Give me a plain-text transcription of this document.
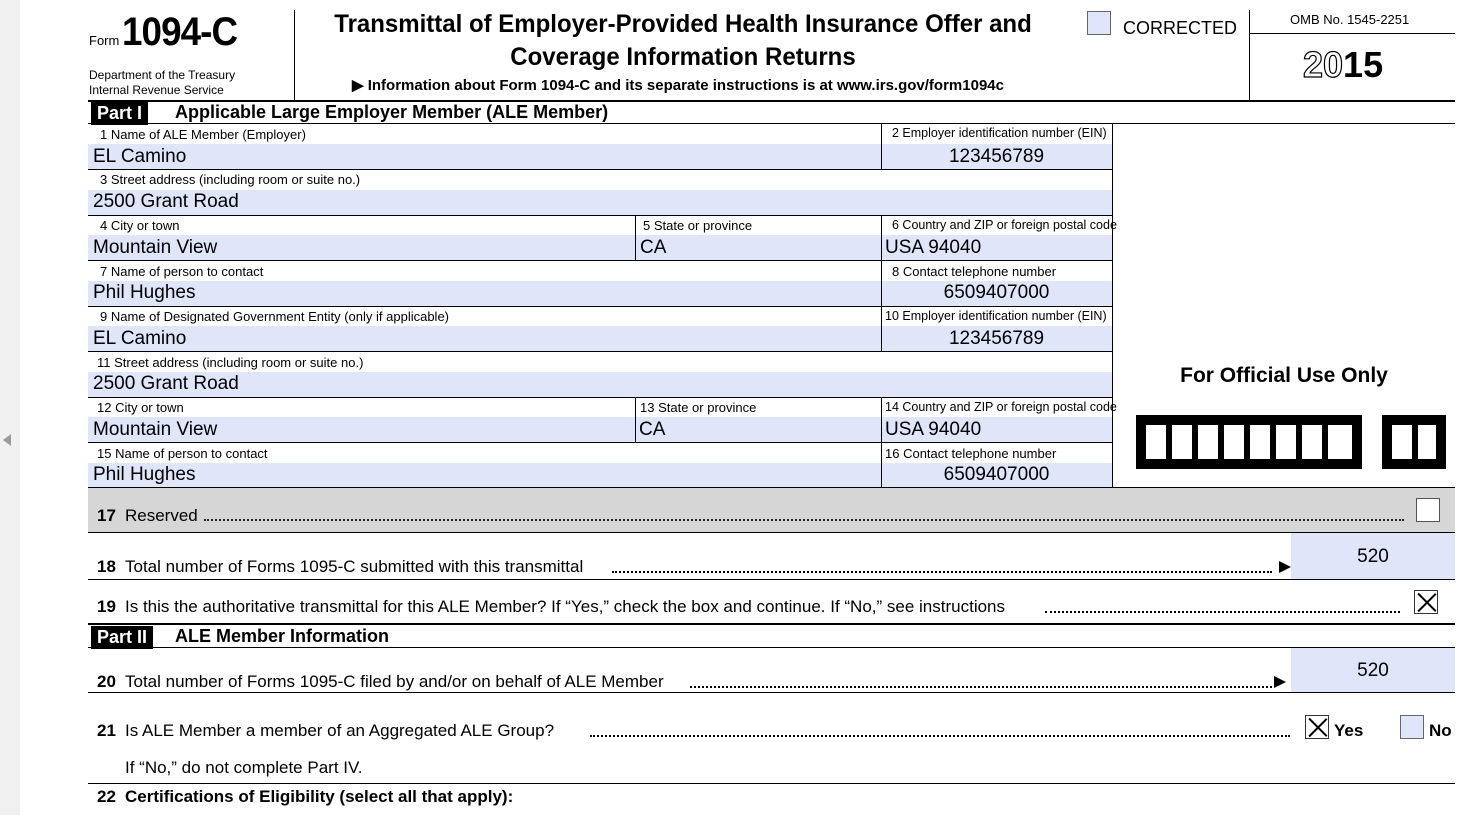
Form 1094-C
Department of the Treasury
Internal Revenue Service
Transmittal of Employer-Provided Health Insurance Offer and
Coverage Information Returns
▶ Information about Form 1094-C and its separate instructions is at www.irs.gov/form1094c
CORRECTED	OMB No. 1545-2251
2015
Part I	Applicable Large Employer Member (ALE Member)
1 Name of ALE Member (Employer)
EL Camino
2 Employer identification number (EIN)
123456789
3 Street address (including room or suite no.)
2500 Grant Road
4 City or town
Mountain View
5 State or province
CA
6 Country and ZIP or foreign postal code
USA 94040
7 Name of person to contact
Phil Hughes
8 Contact telephone number
6509407000
9 Name of Designated Government Entity (only if applicable)
EL Camino
10 Employer identification number (EIN)
123456789
11 Street address (including room or suite no.)
2500 Grant Road
12 City or town
Mountain View
13 State or province
CA
14 Country and ZIP or foreign postal code
USA 94040
15 Name of person to contact
Phil Hughes
16 Contact telephone number
6509407000
For Official Use Only
17 Reserved
18 Total number of Forms 1095-C submitted with this transmittal	520
19 Is this the authoritative transmittal for this ALE Member? If “Yes,” check the box and continue. If “No,” see instructions
Part II	ALE Member Information
20 Total number of Forms 1095-C filed by and/or on behalf of ALE Member
520
21 Is ALE Member a member of an Aggregated ALE Group?	Yes	No
If “No,” do not complete Part IV.
22 Certifications of Eligibility (select all that apply):
